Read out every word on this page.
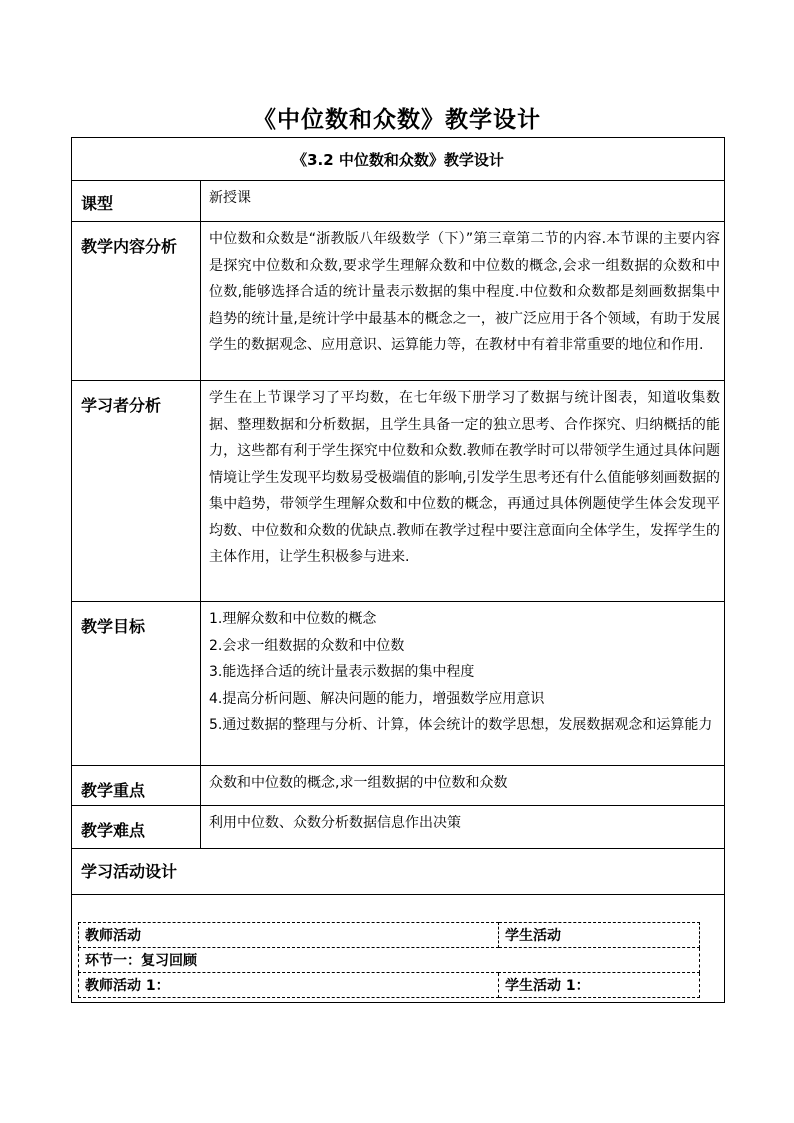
《中位数和众数》教学设计
《3.2 中位数和众数》教学设计
课型	新授课
教学内容分析	中位数和众数是“浙教版八年级数学（下）”第三章第二节的内容.本节课的主要内容是探究中位数和众数,要求学生理解众数和中位数的概念,会求一组数据的众数和中位数,能够选择合适的统计量表示数据的集中程度.中位数和众数都是刻画数据集中趋势的统计量,是统计学中最基本的概念之一，被广泛应用于各个领域，有助于发展学生的数据观念、应用意识、运算能力等，在教材中有着非常重要的地位和作用.
学习者分析	学生在上节课学习了平均数，在七年级下册学习了数据与统计图表，知道收集数据、整理数据和分析数据，且学生具备一定的独立思考、合作探究、归纳概括的能力，这些都有利于学生探究中位数和众数.教师在教学时可以带领学生通过具体问题情境让学生发现平均数易受极端值的影响,引发学生思考还有什么值能够刻画数据的集中趋势，带领学生理解众数和中位数的概念，再通过具体例题使学生体会发现平均数、中位数和众数的优缺点.教师在教学过程中要注意面向全体学生，发挥学生的主体作用，让学生积极参与进来.
教学目标	1.理解众数和中位数的概念

2.会求一组数据的众数和中位数

3.能选择合适的统计量表示数据的集中程度

4.提高分析问题、解决问题的能力，增强数学应用意识

5.通过数据的整理与分析、计算，体会统计的数学思想，发展数据观念和运算能力

教学重点	众数和中位数的概念,求一组数据的中位数和众数
教学难点	利用中位数、众数分析数据信息作出决策
学习活动设计

教师活动	学生活动
环节一：复习回顾
教师活动 1：	学生活动 1：
